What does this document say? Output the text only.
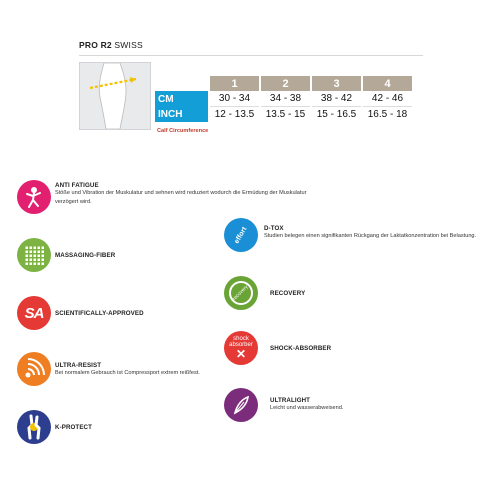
PRO R2 SWISS
	1	2	3	4
CM	30 - 34	34 - 38	38 - 42	42 - 46
INCH	12 - 13.5	13.5 - 15	15 - 16.5	16.5 - 18
Calf Circumference
ANTI FATIGUE
Stöße und Vibration der Muskulatur und sehnen wird reduziert wodurch die Ermüdung der Muskulatur verzögert wird.
MASSAGING-FIBER
SA SCIENTIFICALLY-APPROVED
ULTRA-RESIST
Bei normalem Gebrauch ist Compressport extrem reißfest.
K-PROTECT
effort	D-TOX
Studien belegen einen signifikanten Rückgang der Laktatkonzentration bei Belastung.
recovery	RECOVERY
shock absorber
✕	SHOCK-ABSORBER
ULTRALIGHT
Leicht und wasserabweisend.
